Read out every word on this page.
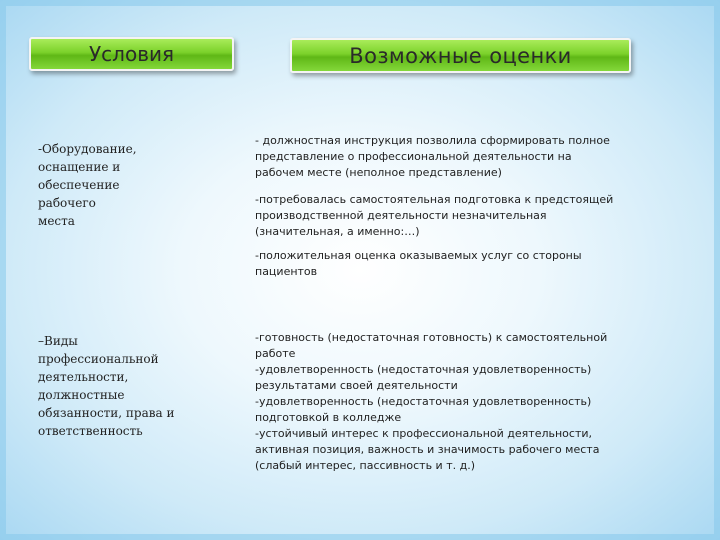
Условия	Возможные оценки
-Оборудование,
оснащение и
обеспечение
рабочего
места
–Виды
профессиональной
деятельности,
должностные
обязанности, права и
ответственность
- должностная инструкция позволила сформировать полное
представление о профессиональной деятельности на
рабочем месте (неполное представление)
-потребовалась самостоятельная подготовка к предстоящей
производственной деятельности незначительная
(значительная, а именно:…)
-положительная оценка оказываемых услуг со стороны
пациентов
-готовность (недостаточная готовность) к самостоятельной
работе
-удовлетворенность (недостаточная удовлетворенность)
результатами своей деятельности
-удовлетворенность (недостаточная удовлетворенность)
подготовкой в колледже
-устойчивый интерес к профессиональной деятельности,
активная позиция, важность и значимость рабочего места
(слабый интерес, пассивность и т. д.)
